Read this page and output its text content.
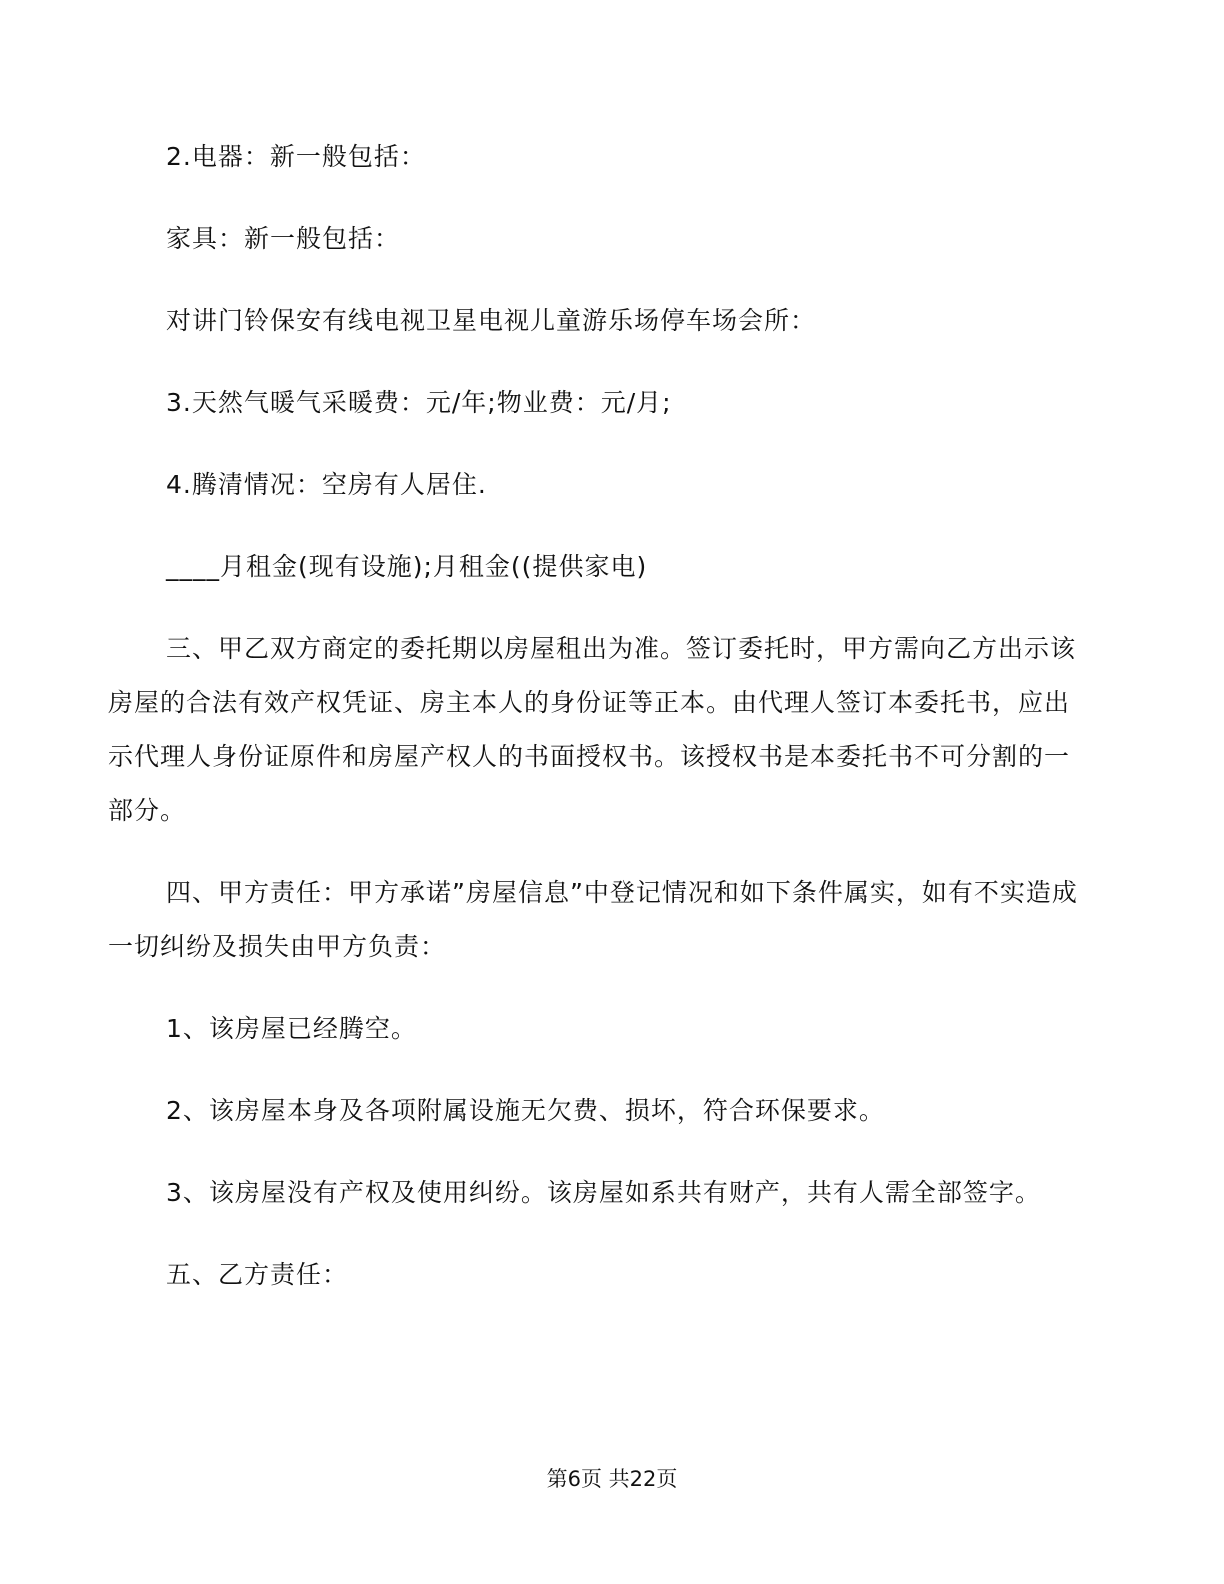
2.电器：新一般包括：

家具：新一般包括：

对讲门铃保安有线电视卫星电视儿童游乐场停车场会所：

3.天然气暖气采暖费：元/年;物业费：元/月;

4.腾清情况：空房有人居住.

____月租金(现有设施);月租金((提供家电)

三、甲乙双方商定的委托期以房屋租出为准。签订委托时，甲方需向乙方出示该房屋的合法有效产权凭证、房主本人的身份证等正本。由代理人签订本委托书，应出示代理人身份证原件和房屋产权人的书面授权书。该授权书是本委托书不可分割的一部分。

四、甲方责任：甲方承诺”房屋信息”中登记情况和如下条件属实，如有不实造成一切纠纷及损失由甲方负责：

1、该房屋已经腾空。

2、该房屋本身及各项附属设施无欠费、损坏，符合环保要求。

3、该房屋没有产权及使用纠纷。该房屋如系共有财产，共有人需全部签字。

五、乙方责任：

第6页 共22页
